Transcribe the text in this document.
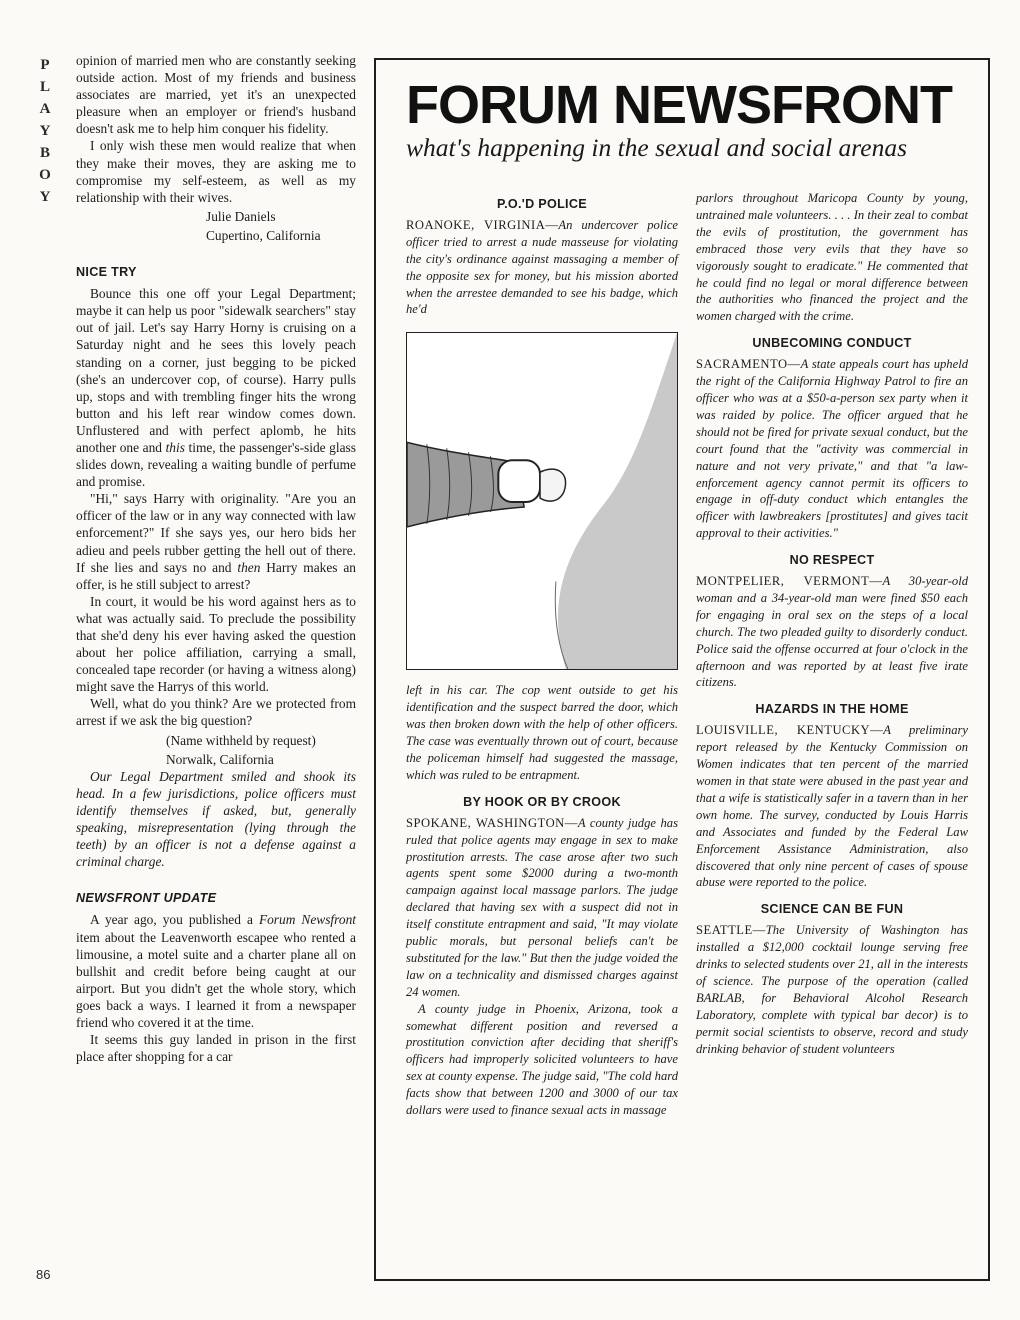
P
L
A
Y
B
O
Y
86

opinion of married men who are constantly seeking outside action. Most of my friends and business associates are married, yet it's an unexpected pleasure when an employer or friend's husband doesn't ask me to help him conquer his fidelity.

I only wish these men would realize that when they make their moves, they are asking me to compromise my self-esteem, as well as my relationship with their wives.

Julie Daniels

Cupertino, California

NICE TRY

Bounce this one off your Legal Department; maybe it can help us poor "sidewalk searchers" stay out of jail. Let's say Harry Horny is cruising on a Saturday night and he sees this lovely peach standing on a corner, just begging to be picked (she's an undercover cop, of course). Harry pulls up, stops and with trembling finger hits the wrong button and his left rear window comes down. Unflustered and with perfect aplomb, he hits another one and this time, the passenger's-side glass slides down, revealing a waiting bundle of perfume and promise.

"Hi," says Harry with originality. "Are you an officer of the law or in any way connected with law enforcement?" If she says yes, our hero bids her adieu and peels rubber getting the hell out of there. If she lies and says no and then Harry makes an offer, is he still subject to arrest?

In court, it would be his word against hers as to what was actually said. To preclude the possibility that she'd deny his ever having asked the question about her police affiliation, carrying a small, concealed tape recorder (or having a witness along) might save the Harrys of this world.

Well, what do you think? Are we protected from arrest if we ask the big question?

(Name withheld by request)

Norwalk, California

Our Legal Department smiled and shook its head. In a few jurisdictions, police officers must identify themselves if asked, but, generally speaking, misrepresentation (lying through the teeth) by an officer is not a defense against a criminal charge.

NEWSFRONT UPDATE

A year ago, you published a Forum Newsfront item about the Leavenworth escapee who rented a limousine, a motel suite and a charter plane all on bullshit and credit before being caught at our airport. But you didn't get the whole story, which goes back a ways. I learned it from a newspaper friend who covered it at the time.

It seems this guy landed in prison in the first place after shopping for a car

FORUM NEWSFRONT
what's happening in the sexual and social arenas
P.O.'D POLICE

ROANOKE, VIRGINIA—An undercover police officer tried to arrest a nude masseuse for violating the city's ordinance against massaging a member of the opposite sex for money, but his mission aborted when the arrestee demanded to see his badge, which he'd

left in his car. The cop went outside to get his identification and the suspect barred the door, which was then broken down with the help of other officers. The case was eventually thrown out of court, because the policeman himself had suggested the massage, which was ruled to be entrapment.

BY HOOK OR BY CROOK

SPOKANE, WASHINGTON—A county judge has ruled that police agents may engage in sex to make prostitution arrests. The case arose after two such agents spent some $2000 during a two-month campaign against local massage parlors. The judge declared that having sex with a suspect did not in itself constitute entrapment and said, "It may violate public morals, but personal beliefs can't be substituted for the law." But then the judge voided the law on a technicality and dismissed charges against 24 women.

A county judge in Phoenix, Arizona, took a somewhat different position and reversed a prostitution conviction after deciding that sheriff's officers had improperly solicited volunteers to have sex at county expense. The judge said, "The cold hard facts show that between 1200 and 3000 of our tax dollars were used to finance sexual acts in massage

parlors throughout Maricopa County by young, untrained male volunteers. . . . In their zeal to combat the evils of prostitution, the government has embraced those very evils that they have so vigorously sought to eradicate." He commented that he could find no legal or moral difference between the authorities who financed the project and the women charged with the crime.

UNBECOMING CONDUCT

SACRAMENTO—A state appeals court has upheld the right of the California Highway Patrol to fire an officer who was at a $50-a-person sex party when it was raided by police. The officer argued that he should not be fired for private sexual conduct, but the court found that the "activity was commercial in nature and not very private," and that "a law-enforcement agency cannot permit its officers to engage in off-duty conduct which entangles the officer with lawbreakers [prostitutes] and gives tacit approval to their activities."

NO RESPECT

MONTPELIER, VERMONT—A 30-year-old woman and a 34-year-old man were fined $50 each for engaging in oral sex on the steps of a local church. The two pleaded guilty to disorderly conduct. Police said the offense occurred at four o'clock in the afternoon and was reported by at least five irate citizens.

HAZARDS IN THE HOME

LOUISVILLE, KENTUCKY—A preliminary report released by the Kentucky Commission on Women indicates that ten percent of the married women in that state were abused in the past year and that a wife is statistically safer in a tavern than in her own home. The survey, conducted by Louis Harris and Associates and funded by the Federal Law Enforcement Assistance Administration, also discovered that only nine percent of cases of spouse abuse were reported to the police.

SCIENCE CAN BE FUN

SEATTLE—The University of Washington has installed a $12,000 cocktail lounge serving free drinks to selected students over 21, all in the interests of science. The purpose of the operation (called BARLAB, for Behavioral Alcohol Research Laboratory, complete with typical bar decor) is to permit social scientists to observe, record and study drinking behavior of student volunteers
